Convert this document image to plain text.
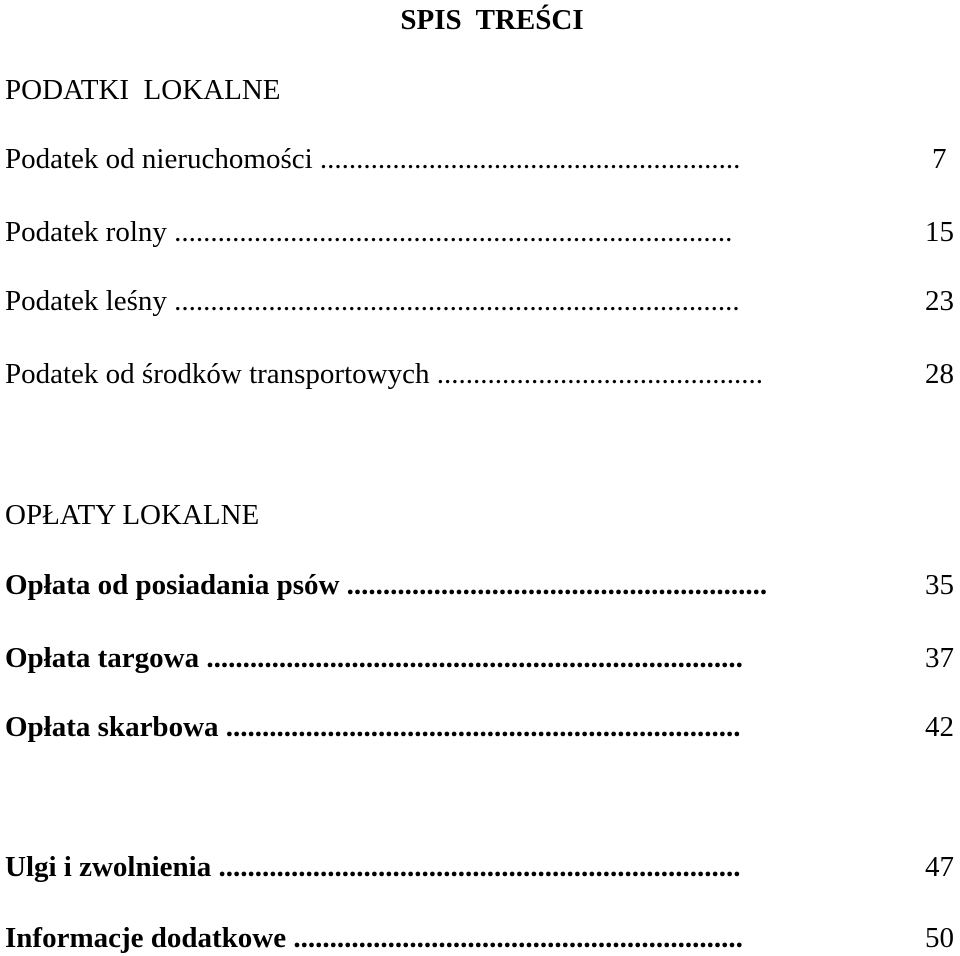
SPIS  TREŚCI
PODATKI  LOKALNE
Podatek od nieruchomości ..........................................................	7
Podatek rolny .............................................................................	15
Podatek leśny ..............................................................................	23
Podatek od środków transportowych .............................................	28
OPŁATY LOKALNE
Opłata od posiadania psów ..........................................................	35
Opłata targowa ..........................................................................	37
Opłata skarbowa .......................................................................	42
Ulgi i zwolnienia ........................................................................	47
Informacje dodatkowe ..............................................................	50
